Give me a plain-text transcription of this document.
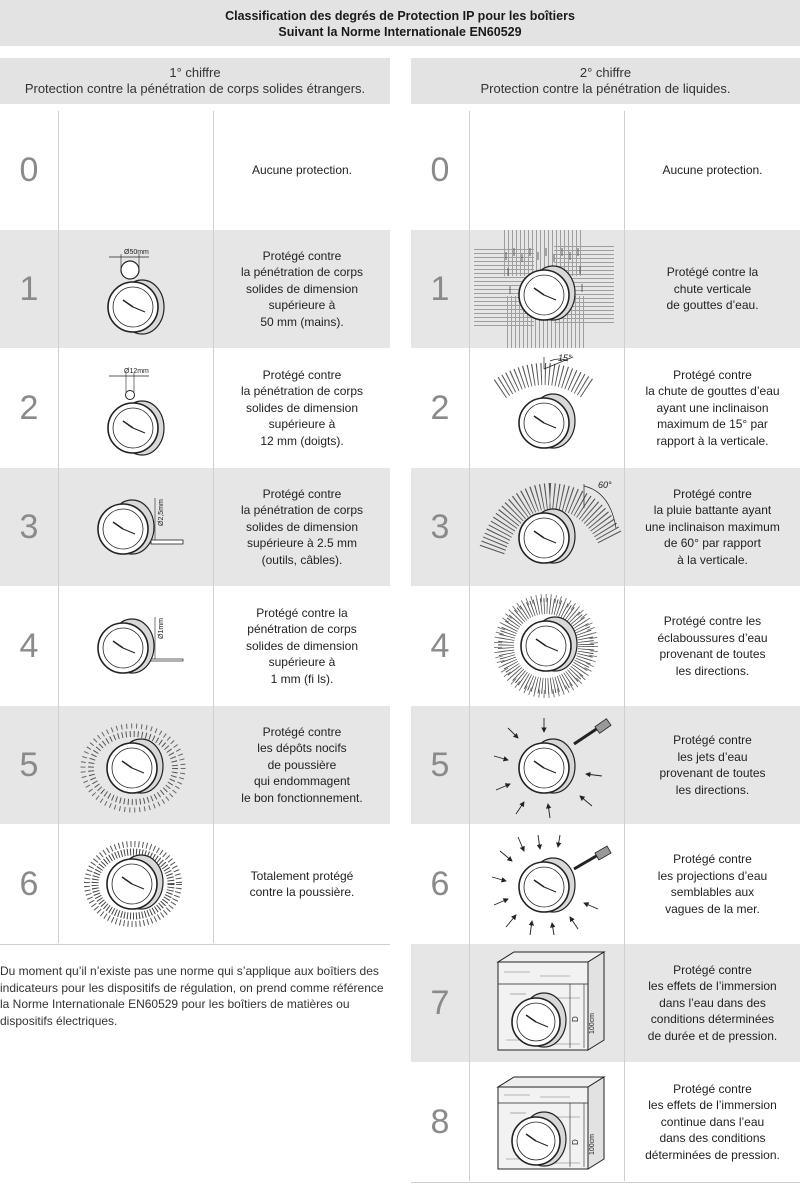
Classification des degrés de Protection IP pour les boîtiers
Suivant la Norme Internationale EN60529
1° chiffre
Protection contre la pénétration de corps solides étrangers.
2° chiffre
Protection contre la pénétration de liquides.
0	Aucune protection.
1
Ø50mm	Protégé contre
la pénétration de corps
solides de dimension
supérieure à
50 mm (mains).
2
Ø12mm	Protégé contre
la pénétration de corps
solides de dimension
supérieure à
12 mm (doigts).
3	Ø2,5mm
Protégé contre
la pénétration de corps
solides de dimension
supérieure à 2.5 mm
(outils, câbles).
4	Ø1mm
Protégé contre la
pénétration de corps
solides de dimension
supérieure à
1 mm (fi ls).
5
Protégé contre
les dépôts nocifs
de poussière
qui endommagent
le bon fonctionnement.
6	Totalement protégé
contre la poussière.
Du moment qu’il n’existe pas une norme qui s’applique aux boîtiers des indicateurs pour les dispositifs de régulation, on prend comme référence la Norme Internationale EN60529 pour les boîtiers de matières ou dispositifs électriques.
0	Aucune protection.
1	Protégé contre la
chute verticale
de gouttes d’eau.
2
15°
Protégé contre
la chute de gouttes d’eau
ayant une inclinaison
maximum de 15° par
rapport à la verticale.
3
60°
Protégé contre
la pluie battante ayant
une inclinaison maximum
de 60° par rapport
à la verticale.
4
Protégé contre les
éclaboussures d’eau
provenant de toutes
les directions.
5
Protégé contre
les jets d’eau
provenant de toutes
les directions.
6
Protégé contre
les projections d’eau
semblables aux
vagues de la mer.
7	D 100cm
Protégé contre
les effets de l’immersion
dans l’eau dans des
conditions déterminées
de durée et de pression.
8
D 100cm
Protégé contre
les effets de l’immersion
continue dans l’eau
dans des conditions
déterminées de pression.
